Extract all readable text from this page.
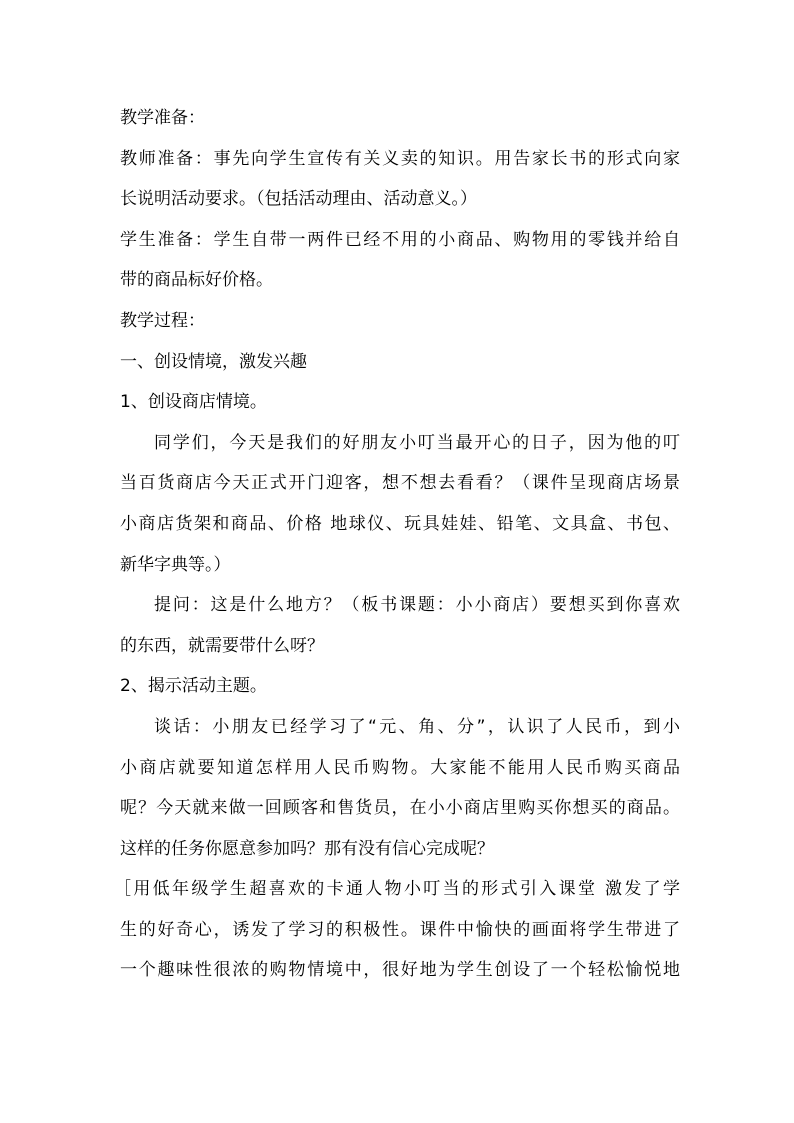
教学准备：
教师准备：事先向学生宣传有关义卖的知识。用告家长书的形式向家
长说明活动要求。（包括活动理由、活动意义。）
学生准备：学生自带一两件已经不用的小商品、购物用的零钱并给自
带的商品标好价格。
教学过程：
一、创设情境，激发兴趣
1、创设商店情境。
同学们，今天是我们的好朋友小叮当最开心的日子，因为他的叮
当百货商店今天正式开门迎客，想不想去看看？（课件呈现商店场景
小商店货架和商品、价格 地球仪、玩具娃娃、铅笔、文具盒、书包、
新华字典等。）
提问：这是什么地方？（板书课题：小小商店）要想买到你喜欢
的东西，就需要带什么呀？
2、揭示活动主题。
谈话：小朋友已经学习了“元、角、分”，认识了人民币，到小
小商店就要知道怎样用人民币购物。大家能不能用人民币购买商品
呢？今天就来做一回顾客和售货员，在小小商店里购买你想买的商品。
这样的任务你愿意参加吗？那有没有信心完成呢？
［用低年级学生超喜欢的卡通人物小叮当的形式引入课堂 激发了学
生的好奇心，诱发了学习的积极性。课件中愉快的画面将学生带进了
一个趣味性很浓的购物情境中，很好地为学生创设了一个轻松愉悦地
